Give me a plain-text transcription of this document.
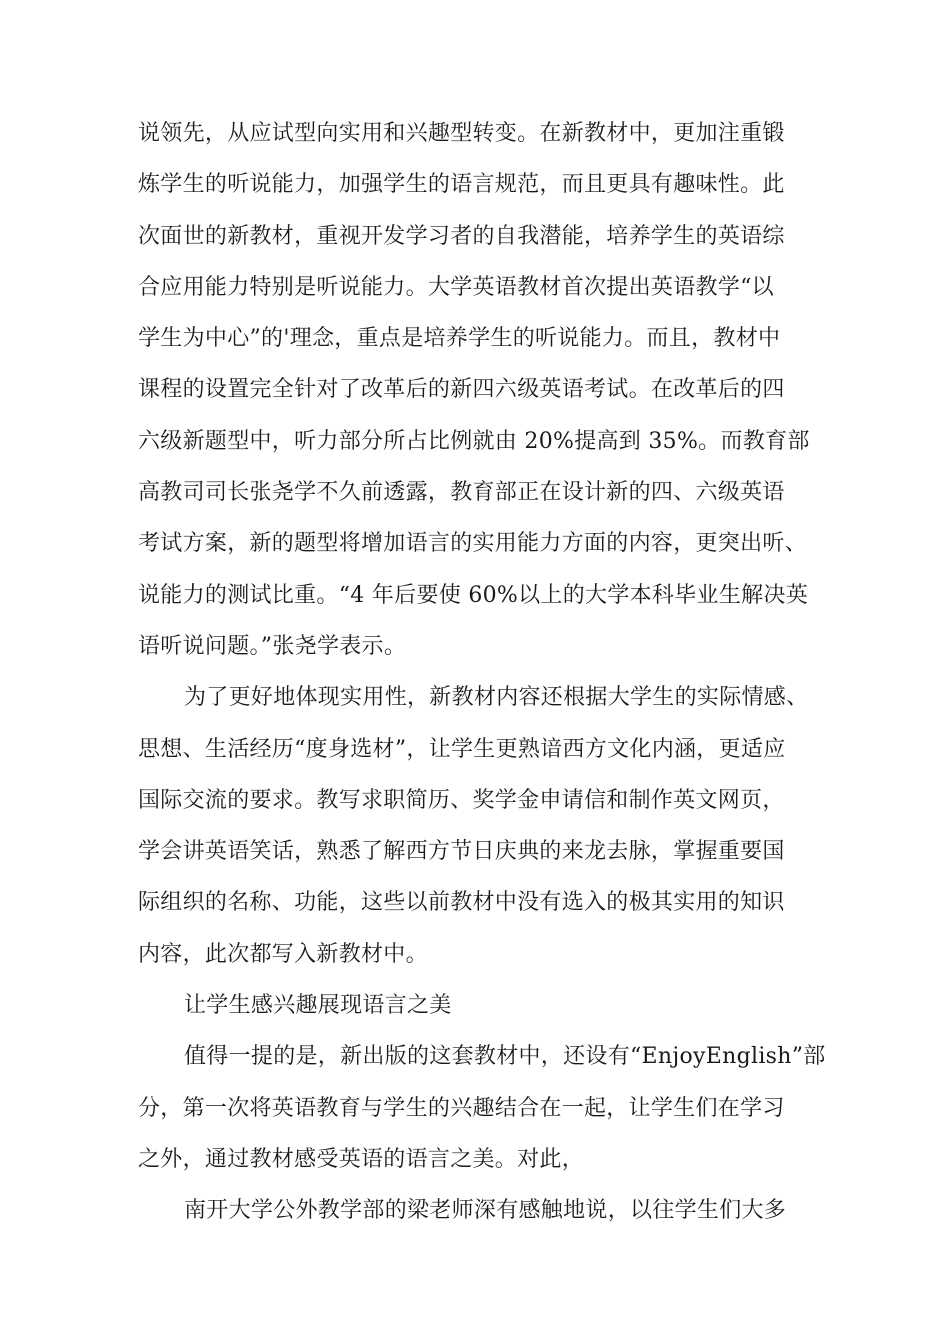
说领先，从应试型向实用和兴趣型转变。在新教材中，更加注重锻
炼学生的听说能力，加强学生的语言规范，而且更具有趣味性。此
次面世的新教材，重视开发学习者的自我潜能，培养学生的英语综
合应用能力特别是听说能力。大学英语教材首次提出英语教学“以
学生为中心”的'理念，重点是培养学生的听说能力。而且，教材中
课程的设置完全针对了改革后的新四六级英语考试。在改革后的四
六级新题型中，听力部分所占比例就由 20%提高到 35%。而教育部
高教司司长张尧学不久前透露，教育部正在设计新的四、六级英语
考试方案，新的题型将增加语言的实用能力方面的内容，更突出听、
说能力的测试比重。“4 年后要使 60%以上的大学本科毕业生解决英
语听说问题。”张尧学表示。

为了更好地体现实用性，新教材内容还根据大学生的实际情感、
思想、生活经历“度身选材”，让学生更熟谙西方文化内涵，更适应
国际交流的要求。教写求职简历、奖学金申请信和制作英文网页，
学会讲英语笑话，熟悉了解西方节日庆典的来龙去脉，掌握重要国
际组织的名称、功能，这些以前教材中没有选入的极其实用的知识
内容，此次都写入新教材中。

让学生感兴趣展现语言之美

值得一提的是，新出版的这套教材中，还设有“EnjoyEnglish”部
分，第一次将英语教育与学生的兴趣结合在一起，让学生们在学习
之外，通过教材感受英语的语言之美。对此，

南开大学公外教学部的梁老师深有感触地说，以往学生们大多
